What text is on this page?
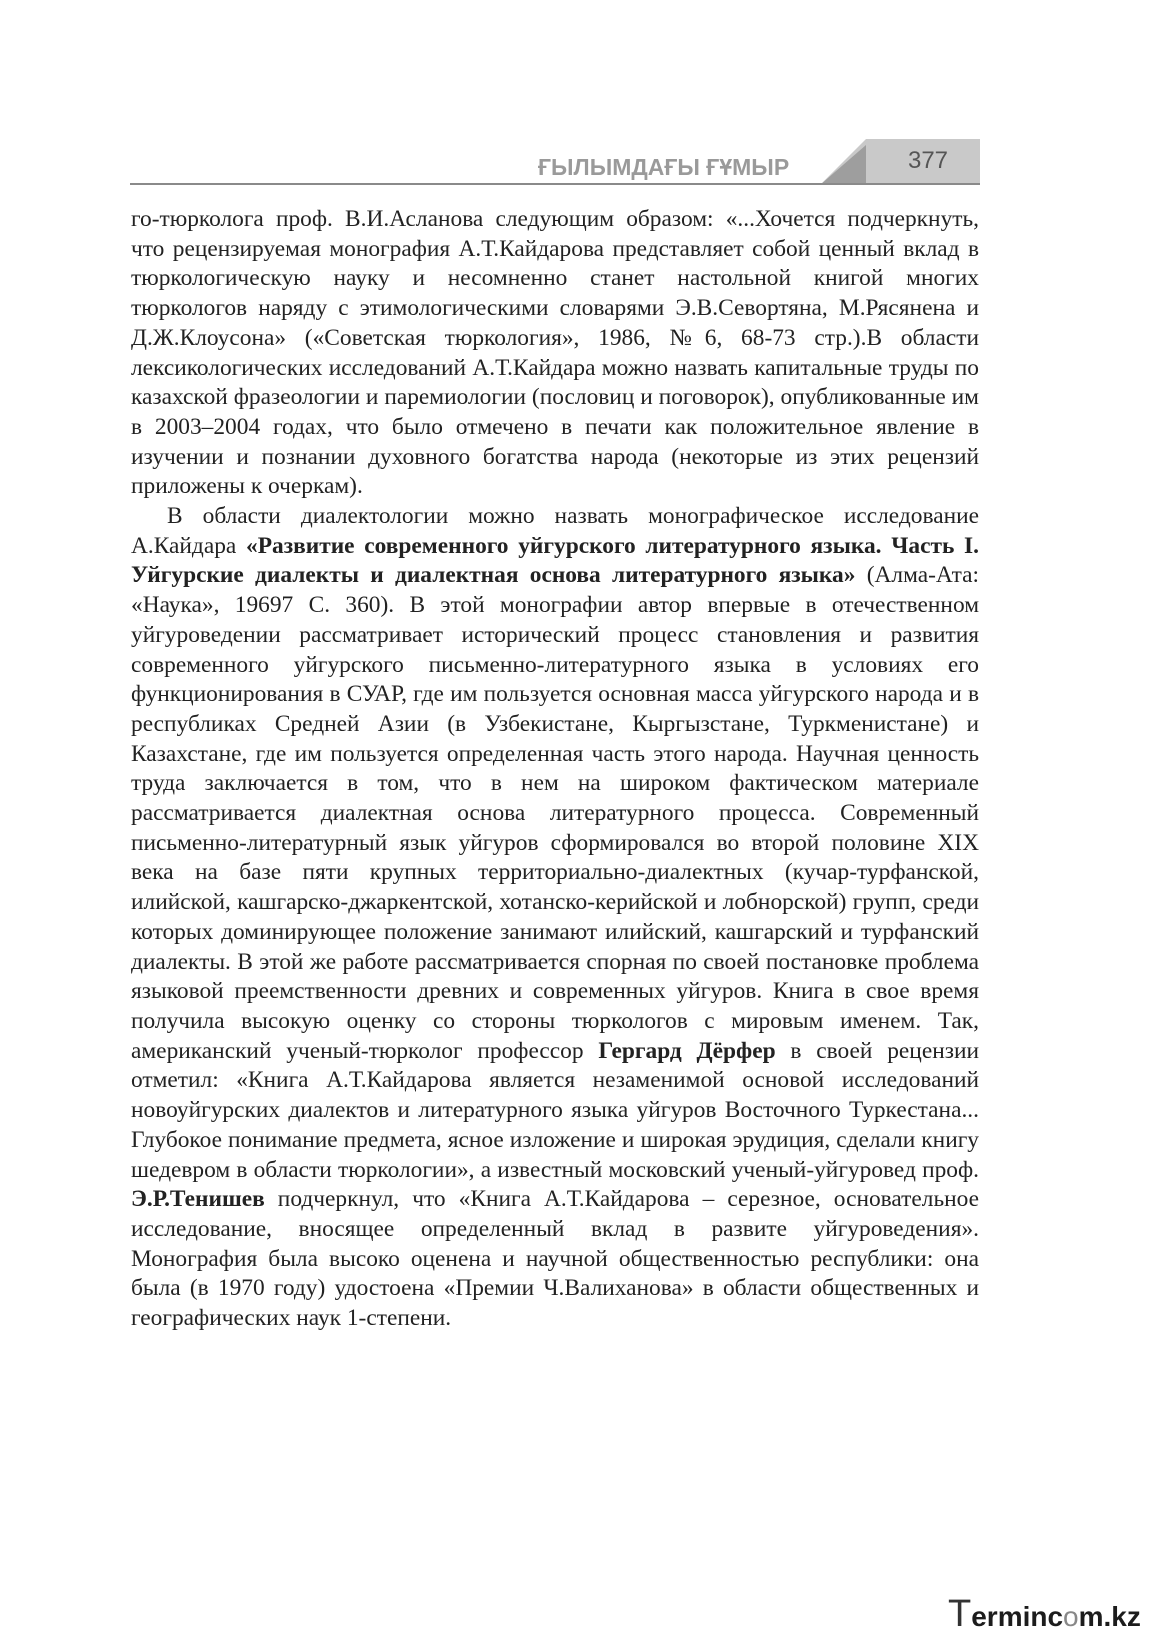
ҒЫЛЫМДАҒЫ ҒҰМЫР	377

го-тюрколога проф. В.И.Асланова следующим образом: «...Хочется подчеркнуть, что рецензируемая монография А.Т.Кайдарова представляет собой ценный вклад в тюркологическую науку и несомненно станет настольной книгой многих тюркологов наряду с этимологическими словарями Э.В.Севортяна, М.Рясянена и Д.Ж.Клоусона» («Советская тюркология», 1986, №6, 68-73 стр.).В области лексикологических исследований А.Т.Кайдара можно назвать капитальные труды по казахской фразеологии и паремиологии (пословиц и поговорок), опубликованные им в 2003–2004 годах, что было отмечено в печати как положительное явление в изучении и познании духовного богатства народа (некоторые из этих рецензий приложены к очеркам).

В области диалектологии можно назвать монографическое исследование А.Кайдара «Развитие современного уйгурского литературного языка. Часть I. Уйгурские диалекты и диалектная основа литературного языка» (Алма-Ата: «Наука», 19697 С. 360). В этой монографии автор впервые в отечественном уйгуроведении рассматривает исторический процесс становления и развития современного уйгурского письменно-литературного языка в условиях его функционирования в СУАР, где им пользуется основная масса уйгурского народа и в республиках Средней Азии (в Узбекистане, Кыргызстане, Туркменистане) и Казахстане, где им пользуется определенная часть этого народа. Научная ценность труда заключается в том, что в нем на широком фактическом материале рассматривается диалектная основа литературного процесса. Современный письменно-литературный язык уйгуров сформировался во второй половине XIX века на базе пяти крупных территориально-диалектных (кучар-турфанской, илийской, кашгарско-джаркентской, хотанско-керийской и лобнорской) групп, среди которых доминирующее положение занимают илийский, кашгарский и турфанский диалекты. В этой же работе рассматривается спорная по своей постановке проблема языковой преемственности древних и современных уйгуров. Книга в свое время получила высокую оценку со стороны тюркологов с мировым именем. Так, американский ученый-тюрколог профессор Гергард Дёрфер в своей рецензии отметил: «Книга А.Т.Кайдарова является незаменимой основой исследований новоуйгурских диалектов и литературного языка уйгуров Восточного Туркестана... Глубокое понимание предмета, ясное изложение и широкая эрудиция, сделали книгу шедевром в области тюркологии», а известный московский ученый-уйгуровед проф. Э.Р.Тенишев подчеркнул, что «Книга А.Т.Кайдарова – серезное, основательное исследование, вносящее определенный вклад в развите уйгуроведения». Монография была высоко оценена и научной общественностью республики: она была (в 1970 году) удостоена «Премии Ч.Валиханова» в области общественных и географических наук 1-степени.

Termincom.kz
